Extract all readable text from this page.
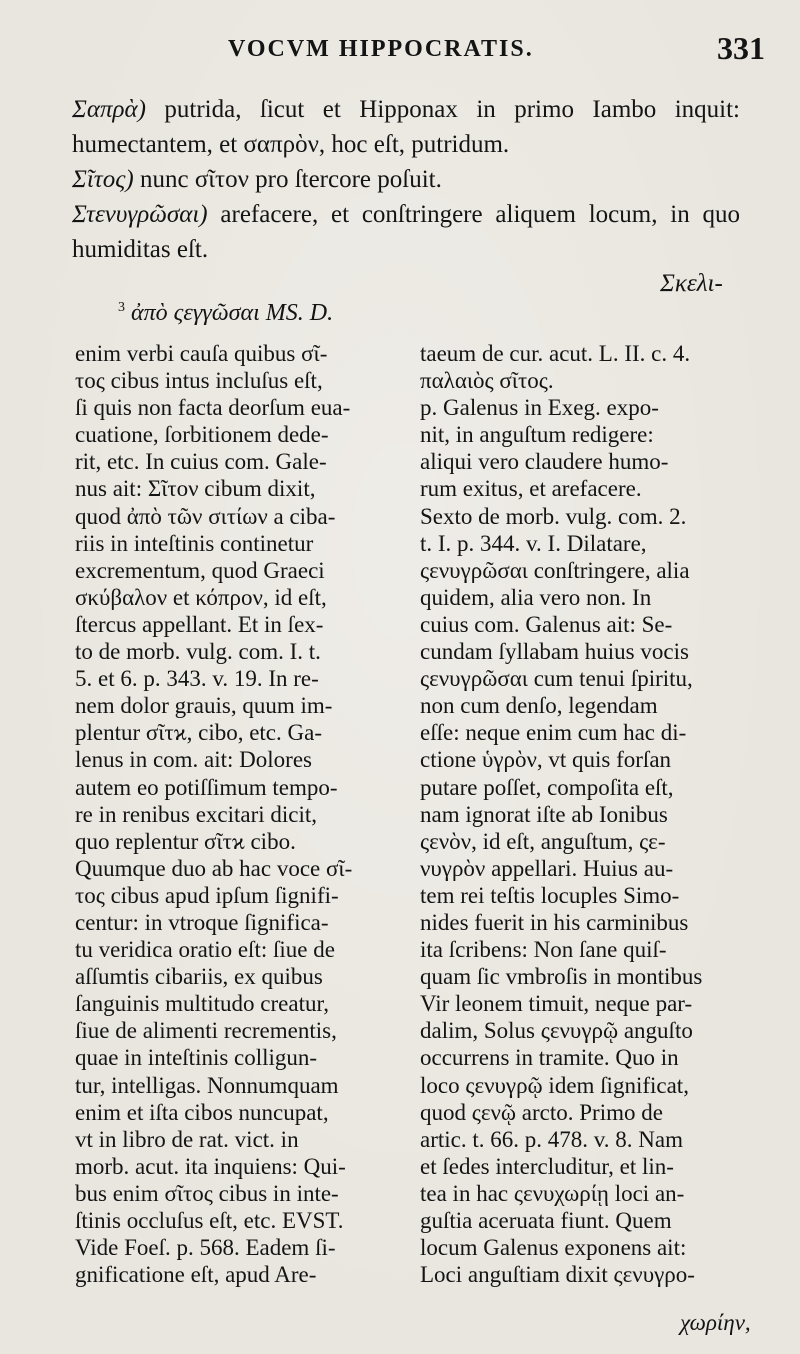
VOCVM HIPPOCRATIS.	331

Σαπρὰ) putrida, ſicut et Hipponax in primo Iambo inquit: humectantem, et σαπρὸν, hoc eſt, putridum.

Σῖτος) nunc σῖτον pro ſtercore poſuit.

Στενυγρῶσαι) arefacere, et conſtringere aliquem locum, in quo humiditas eſt.

Σκελι-
$^3$ ἀπὸ ςεγγῶσαι MS. D.
enim verbi cauſa quibus σῖ-
τος cibus intus incluſus eſt,
ſi quis non facta deorſum eua-
cuatione, ſorbitionem dede-
rit, etc. In cuius com. Gale-
nus ait: Σῖτον cibum dixit,
quod ἀπὸ τῶν σιτίων a ciba-
riis in inteſtinis continetur
excrementum, quod Graeci
σκύβαλον et κόπρον, id eſt,
ſtercus appellant. Et in ſex-
to de morb. vulg. com. I. t.
5. et 6. p. 343. v. 19. In re-
nem dolor grauis, quum im-
plentur σῖτϰ, cibo, etc. Ga-
lenus in com. ait: Dolores
autem eo potiſſimum tempo-
re in renibus excitari dicit,
quo replentur σῖτϰ cibo.
Quumque duo ab hac voce σῖ-
τος cibus apud ipſum ſignifi-
centur: in vtroque ſignifica-
tu veridica oratio eſt: ſiue de
aſſumtis cibariis, ex quibus
ſanguinis multitudo creatur,
ſiue de alimenti recrementis,
quae in inteſtinis colligun-
tur, intelligas. Nonnumquam
enim et iſta cibos nuncupat,
vt in libro de rat. vict. in
morb. acut. ita inquiens: Qui-
bus enim σῖτος cibus in inte-
ſtinis occluſus eſt, etc. EVST.
Vide Foeſ. p. 568. Eadem ſi-
gnificatione eſt, apud Are-
taeum de cur. acut. L. II. c. 4.
παλαιὸς σῖτος.
p. Galenus in Exeg. expo-
nit, in anguſtum redigere:
aliqui vero claudere humo-
rum exitus, et arefacere.
Sexto de morb. vulg. com. 2.
t. I. p. 344. v. I. Dilatare,
ςενυγρῶσαι conſtringere, alia
quidem, alia vero non. In
cuius com. Galenus ait: Se-
cundam ſyllabam huius vocis
ςενυγρῶσαι cum tenui ſpiritu,
non cum denſo, legendam
eſſe: neque enim cum hac di-
ctione ὑγρὸν, vt quis forſan
putare poſſet, compoſita eſt,
nam ignorat iſte ab Ionibus
ςενὸν, id eſt, anguſtum, ςε-
νυγρὸν appellari. Huius au-
tem rei teſtis locuples Simo-
nides fuerit in his carminibus
ita ſcribens: Non ſane quiſ-
quam ſic vmbroſis in montibus
Vir leonem timuit, neque par-
dalim, Solus ςενυγρῷ anguſto
occurrens in tramite. Quo in
loco ςενυγρῷ idem ſignificat,
quod ςενῷ arcto. Primo de
artic. t. 66. p. 478. v. 8. Nam
et ſedes intercluditur, et lin-
tea in hac ςενυχωρίῃ loci an-
guſtia aceruata fiunt. Quem
locum Galenus exponens ait:
Loci anguſtiam dixit ςενυγρο-
χωρίην,
